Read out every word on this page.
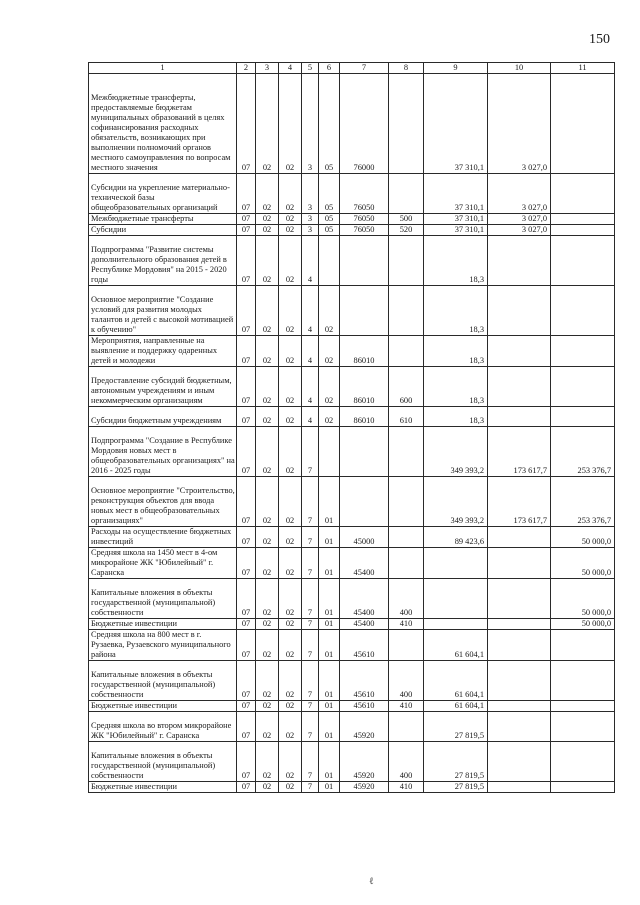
150
1	2	3	4	5	6	7	8	9	10	11
Межбюджетные трансферты, предоставляемые бюджетам муниципальных образований в целях софинансирования расходных обязательств, возникающих при выполнении полномочий органов местного самоуправления по вопросам местного значения	07	02	02	3	05	76000		37 310,1	3 027,0	
Субсидии на укрепление материально-технической базы общеобразовательных организаций	07	02	02	3	05	76050		37 310,1	3 027,0	
Межбюджетные трансферты	07	02	02	3	05	76050	500	37 310,1	3 027,0	
Субсидии	07	02	02	3	05	76050	520	37 310,1	3 027,0	
Подпрограмма "Развитие системы дополнительного образования детей в Республике Мордовия" на 2015 - 2020 годы	07	02	02	4				18,3		
Основное мероприятие "Создание условий для развития молодых талантов и детей с высокой мотивацией к обучению"	07	02	02	4	02			18,3		
Мероприятия, направленные на выявление и поддержку одаренных детей и молодежи	07	02	02	4	02	86010		18,3		
Предоставление субсидий бюджетным, автономным учреждениям и иным некоммерческим организациям	07	02	02	4	02	86010	600	18,3		
Субсидии бюджетным учреждениям	07	02	02	4	02	86010	610	18,3		
Подпрограмма "Создание в Республике Мордовия новых мест в общеобразовательных организациях" на 2016 - 2025 годы	07	02	02	7				349 393,2	173 617,7	253 376,7
Основное мероприятие "Строительство, реконструкция объектов для ввода новых мест в общеобразовательных организациях"	07	02	02	7	01			349 393,2	173 617,7	253 376,7
Расходы на осуществление бюджетных инвестиций	07	02	02	7	01	45000		89 423,6		50 000,0
Средняя школа на 1450 мест в 4-ом микрорайоне ЖК "Юбилейный" г. Саранска	07	02	02	7	01	45400				50 000,0
Капитальные вложения в объекты государственной (муниципальной) собственности	07	02	02	7	01	45400	400			50 000,0
Бюджетные инвестиции	07	02	02	7	01	45400	410			50 000,0
Средняя школа на 800 мест в г. Рузаевка, Рузаевского муниципального района	07	02	02	7	01	45610		61 604,1		
Капитальные вложения в объекты государственной (муниципальной) собственности	07	02	02	7	01	45610	400	61 604,1		
Бюджетные инвестиции	07	02	02	7	01	45610	410	61 604,1		
Средняя школа во втором микрорайоне ЖК "Юбилейный" г. Саранска	07	02	02	7	01	45920		27 819,5		
Капитальные вложения в объекты государственной (муниципальной) собственности	07	02	02	7	01	45920	400	27 819,5		
Бюджетные инвестиции	07	02	02	7	01	45920	410	27 819,5		
ℓ
